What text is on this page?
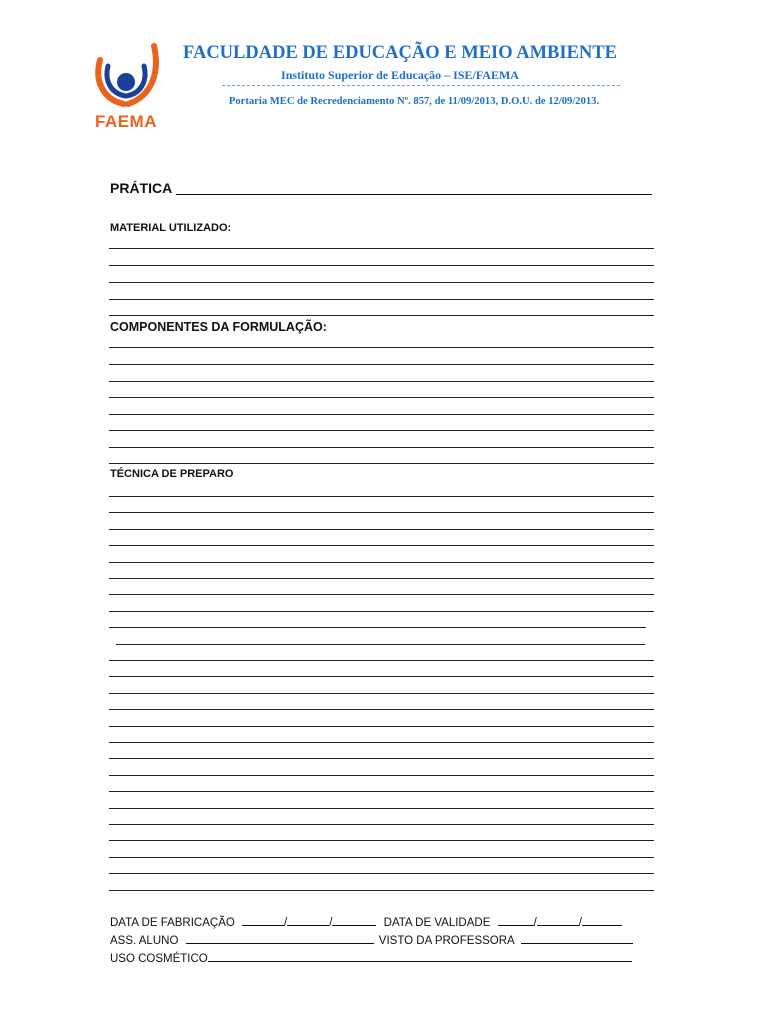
FAEMA
FACULDADE DE EDUCAÇÃO E MEIO AMBIENTE
Instituto Superior de Educação – ISE/FAEMA
Portaria MEC de Recredenciamento Nº. 857, de 11/09/2013, D.O.U. de 12/09/2013.
PRÁTICA
MATERIAL UTILIZADO:
COMPONENTES DA FORMULAÇÃO:
TÉCNICA DE PREPARO
DATA DE FABRICAÇÃO	/	/	DATA DE VALIDADE	/	/
ASS. ALUNO	VISTO DA PROFESSORA
USO COSMÉTICO
